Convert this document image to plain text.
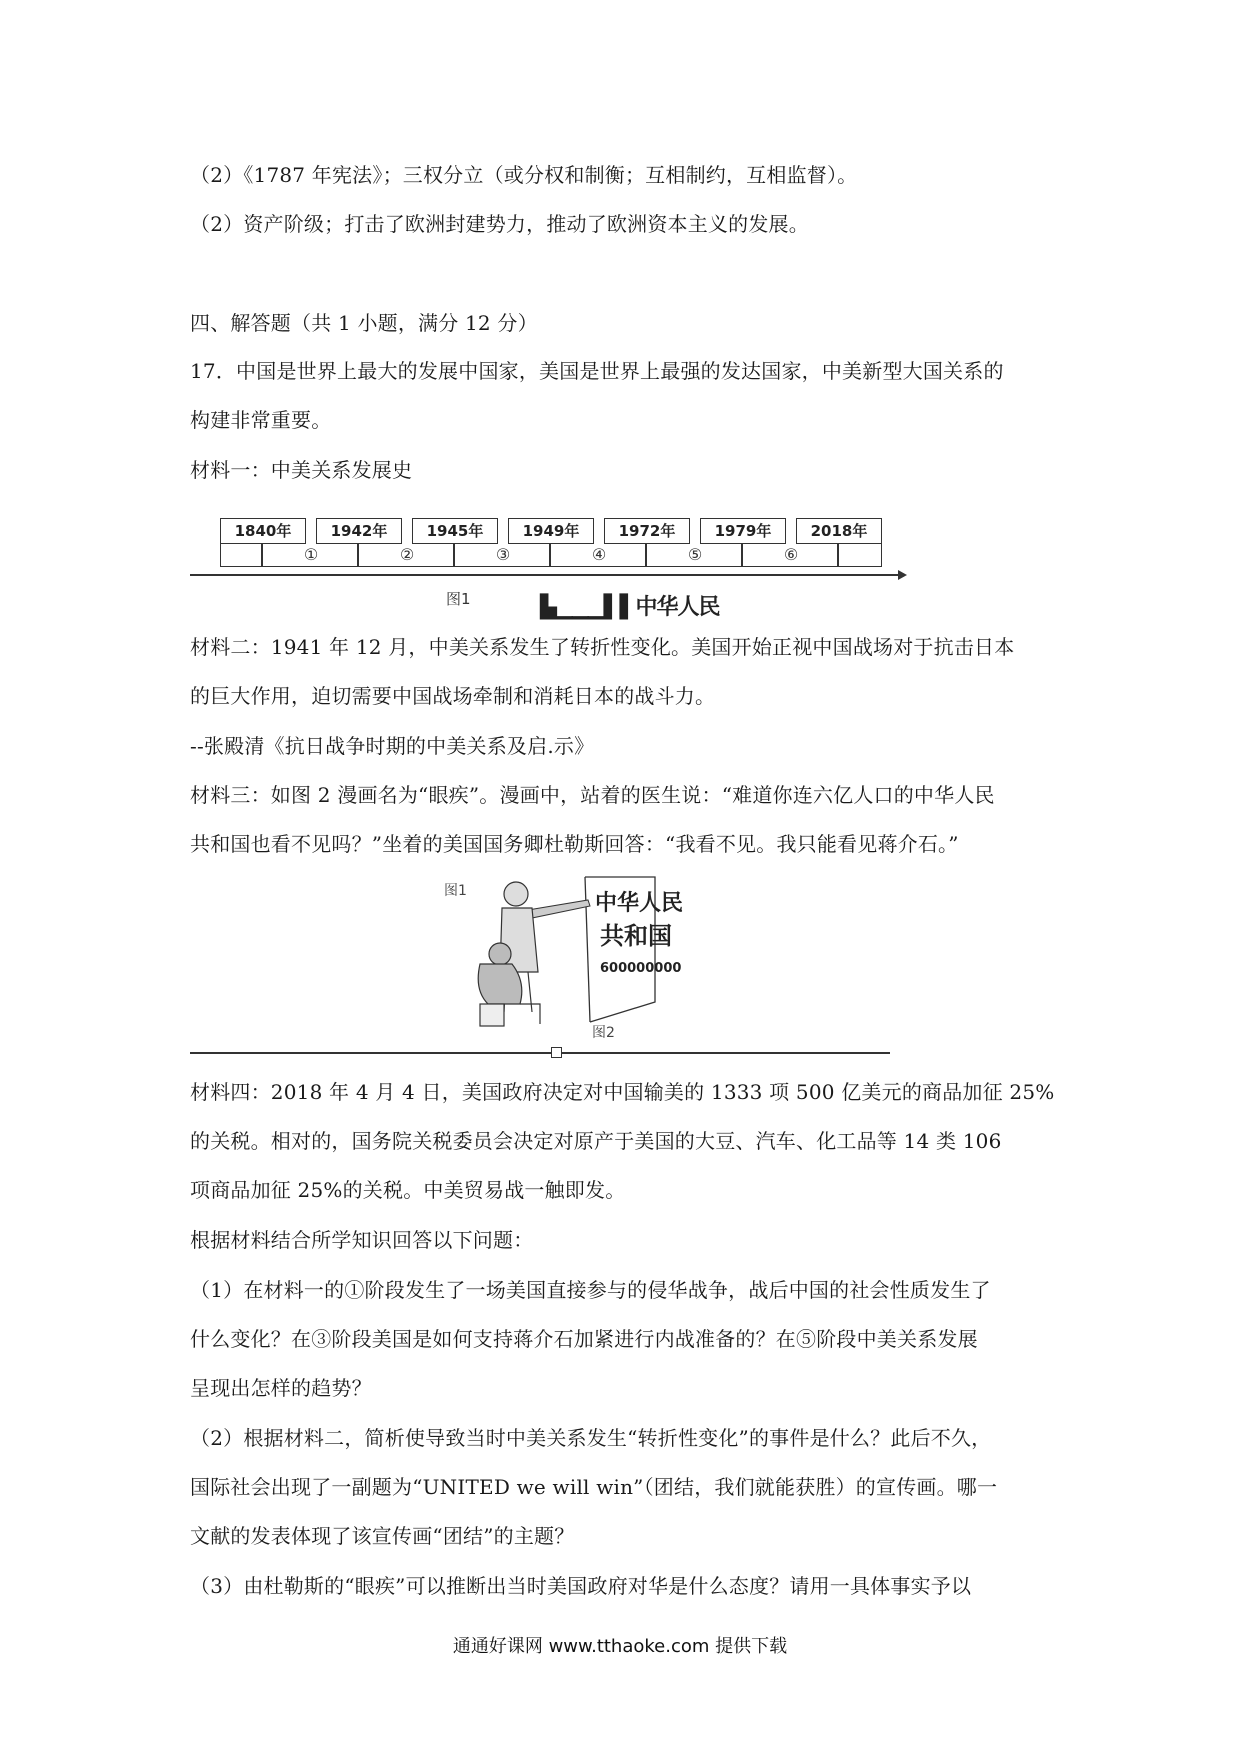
（2）《1787 年宪法》；三权分立（或分权和制衡；互相制约，互相监督）。
（2）资产阶级；打击了欧洲封建势力，推动了欧洲资本主义的发展。
四、解答题（共 1 小题，满分 12 分）
17．中国是世界上最大的发展中国家，美国是世界上最强的发达国家，中美新型大国关系的
构建非常重要。
材料一：中美关系发展史
1840年	1942年	1945年	1949年	1972年	1979年	2018年
①	②	③	④	⑤	⑥
图1	▙▁▁▁▌▌中华人民
材料二：1941 年 12 月，中美关系发生了转折性变化。美国开始正视中国战场对于抗击日本
的巨大作用，迫切需要中国战场牵制和消耗日本的战斗力。
--张殿清《抗日战争时期的中美关系及启.示》
材料三：如图 2 漫画名为“眼疾”。漫画中，站着的医生说：“难道你连六亿人口的中华人民
共和国也看不见吗？”坐着的美国国务卿杜勒斯回答：“我看不见。我只能看见蒋介石。”
图1	中华人民
共和国
600000000
图2
材料四：2018 年 4 月 4 日，美国政府决定对中国输美的 1333 项 500 亿美元的商品加征 25%
的关税。相对的，国务院关税委员会决定对原产于美国的大豆、汽车、化工品等 14 类 106
项商品加征 25%的关税。中美贸易战一触即发。
根据材料结合所学知识回答以下问题：
（1）在材料一的①阶段发生了一场美国直接参与的侵华战争，战后中国的社会性质发生了
什么变化？在③阶段美国是如何支持蒋介石加紧进行内战准备的？在⑤阶段中美关系发展
呈现出怎样的趋势？
（2）根据材料二，简析使导致当时中美关系发生“转折性变化”的事件是什么？此后不久，
国际社会出现了一副题为“UNITED we will win”（团结，我们就能获胜）的宣传画。哪一
文献的发表体现了该宣传画“团结”的主题？
（3）由杜勒斯的“眼疾”可以推断出当时美国政府对华是什么态度？请用一具体事实予以
通通好课网 www.tthaoke.com 提供下载
